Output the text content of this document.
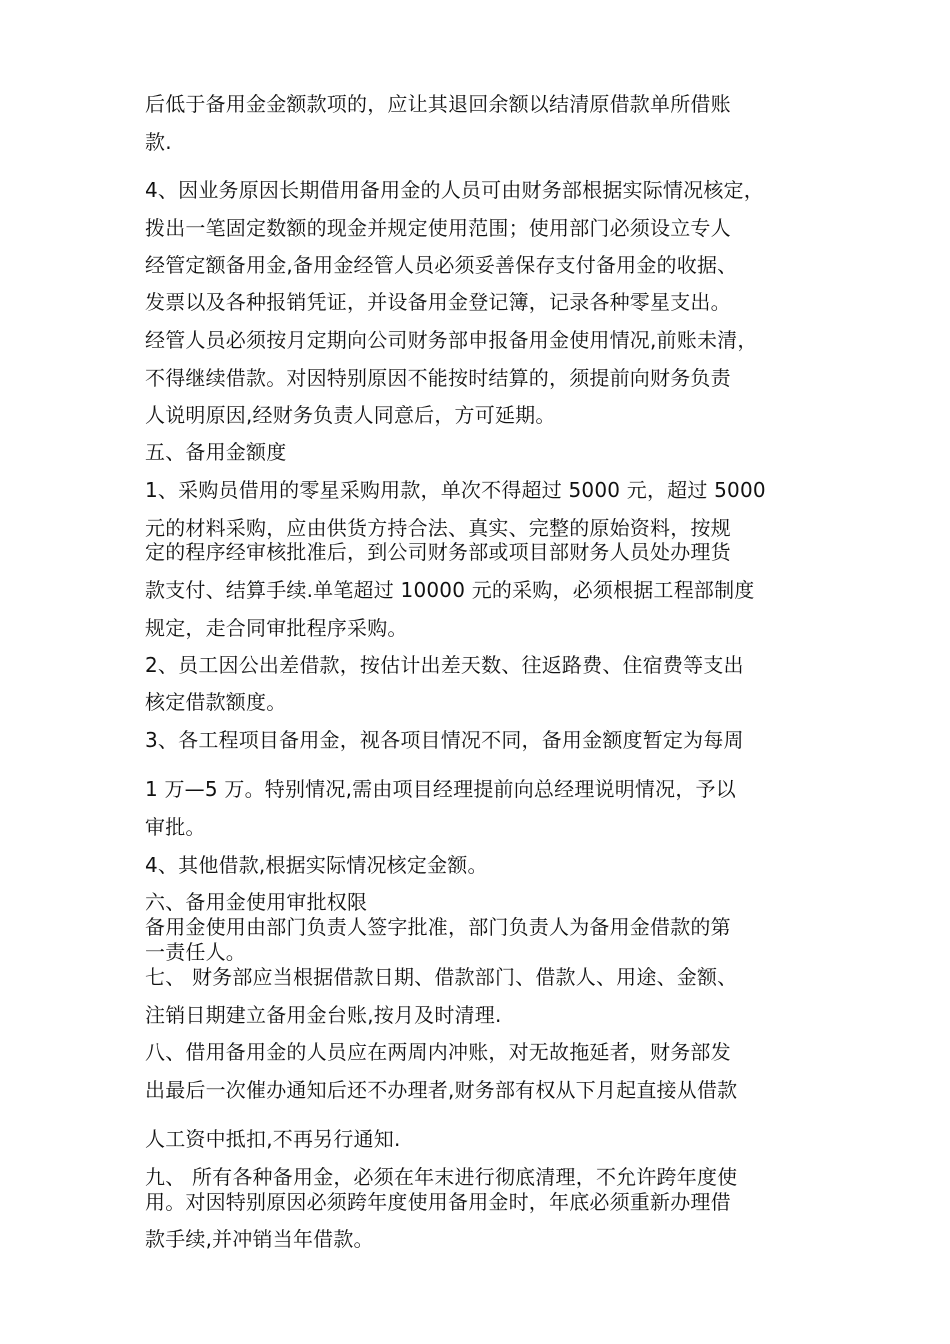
后低于备用金金额款项的，应让其退回余额以结清原借款单所借账
款.
4、因业务原因长期借用备用金的人员可由财务部根据实际情况核定，
拨出一笔固定数额的现金并规定使用范围；使用部门必须设立专人
经管定额备用金,备用金经管人员必须妥善保存支付备用金的收据、
发票以及各种报销凭证，并设备用金登记簿，记录各种零星支出。
经管人员必须按月定期向公司财务部申报备用金使用情况,前账未清，
不得继续借款。对因特别原因不能按时结算的，须提前向财务负责
人说明原因,经财务负责人同意后，方可延期。
五、备用金额度
1、采购员借用的零星采购用款，单次不得超过 5000 元，超过 5000
元的材料采购，应由供货方持合法、真实、完整的原始资料，按规
定的程序经审核批准后，到公司财务部或项目部财务人员处办理货
款支付、结算手续.单笔超过 10000 元的采购，必须根据工程部制度
规定，走合同审批程序采购。
2、员工因公出差借款，按估计出差天数、往返路费、住宿费等支出
核定借款额度。
3、各工程项目备用金，视各项目情况不同，备用金额度暂定为每周
1 万—5 万。特别情况,需由项目经理提前向总经理说明情况，予以
审批。
4、其他借款,根据实际情况核定金额。
六、备用金使用审批权限
备用金使用由部门负责人签字批准，部门负责人为备用金借款的第
一责任人。
七、 财务部应当根据借款日期、借款部门、借款人、用途、金额、
注销日期建立备用金台账,按月及时清理.
八、借用备用金的人员应在两周内冲账，对无故拖延者，财务部发
出最后一次催办通知后还不办理者,财务部有权从下月起直接从借款
人工资中抵扣,不再另行通知.
九、 所有各种备用金，必须在年末进行彻底清理，不允许跨年度使
用。对因特别原因必须跨年度使用备用金时，年底必须重新办理借
款手续,并冲销当年借款。
